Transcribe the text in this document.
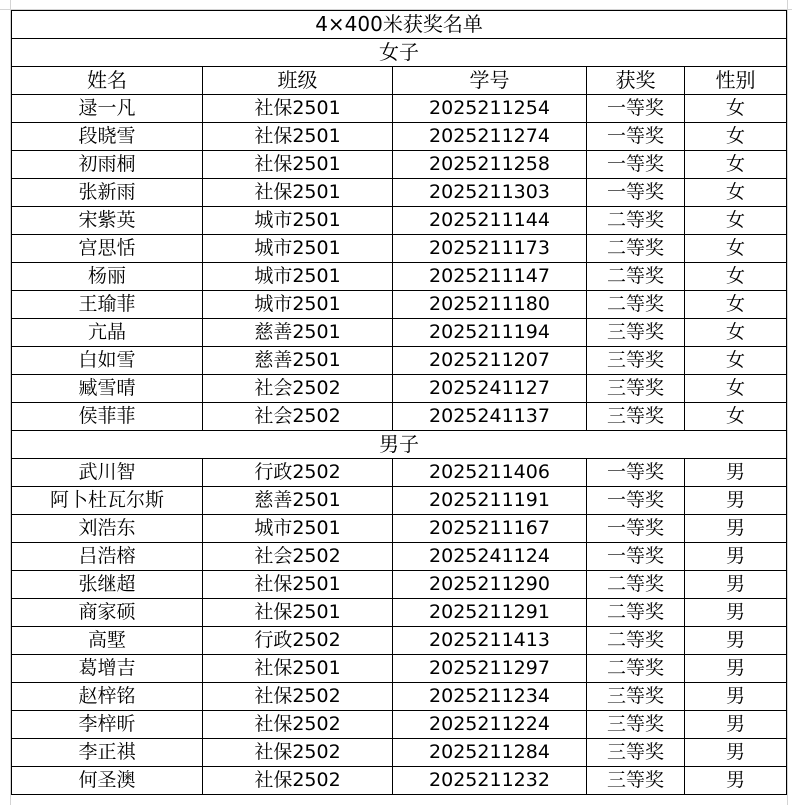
4×400米获奖名单				
女子				
姓名	班级	学号	获奖	性别
逯一凡	社保2501	2025211254	一等奖	女
段晓雪	社保2501	2025211274	一等奖	女
初雨桐	社保2501	2025211258	一等奖	女
张新雨	社保2501	2025211303	一等奖	女
宋紫英	城市2501	2025211144	二等奖	女
宫思恬	城市2501	2025211173	二等奖	女
杨丽	城市2501	2025211147	二等奖	女
王瑜菲	城市2501	2025211180	二等奖	女
亢晶	慈善2501	2025211194	三等奖	女
白如雪	慈善2501	2025211207	三等奖	女
臧雪晴	社会2502	2025241127	三等奖	女
侯菲菲	社会2502	2025241137	三等奖	女
男子				
武川智	行政2502	2025211406	一等奖	男
阿卜杜瓦尔斯	慈善2501	2025211191	一等奖	男
刘浩东	城市2501	2025211167	一等奖	男
吕浩榕	社会2502	2025241124	一等奖	男
张继超	社保2501	2025211290	二等奖	男
商家硕	社保2501	2025211291	二等奖	男
高墅	行政2502	2025211413	二等奖	男
葛增吉	社保2501	2025211297	二等奖	男
赵梓铭	社保2502	2025211234	三等奖	男
李梓昕	社保2502	2025211224	三等奖	男
李正祺	社保2502	2025211284	三等奖	男
何圣澳	社保2502	2025211232	三等奖	男
